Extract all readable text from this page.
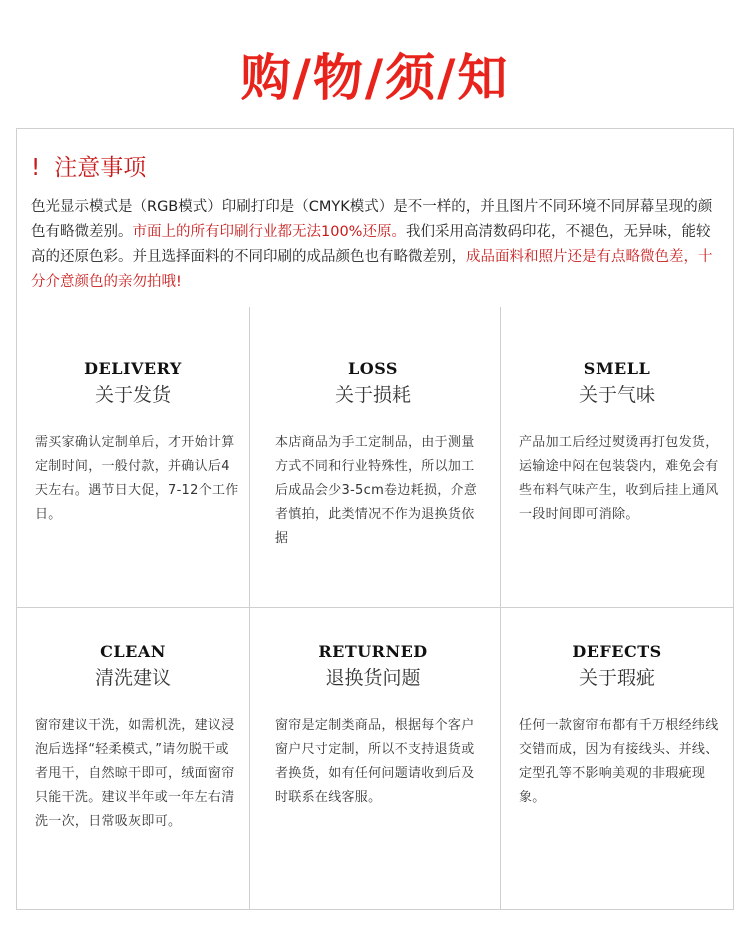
购/物/须/知
! 注意事项
色光显示模式是（RGB模式）印刷打印是（CMYK模式）是不一样的，并且图片不同环境不同屏幕呈现的颜色有略微差别。市面上的所有印刷行业都无法100%还原。我们采用高清数码印花，不褪色，无异味，能较高的还原色彩。并且选择面料的不同印刷的成品颜色也有略微差别，成品面料和照片还是有点略微色差，十分介意颜色的亲勿拍哦!
DELIVERY
关于发货
需买家确认定制单后，才开始计算定制时间，一般付款，并确认后4天左右。遇节日大促，7-12个工作日。
LOSS
关于损耗
本店商品为手工定制品，由于测量方式不同和行业特殊性，所以加工后成品会少3-5cm卷边耗损，介意者慎拍，此类情况不作为退换货依据
SMELL
关于气味
产品加工后经过熨烫再打包发货，运输途中闷在包装袋内，难免会有些布料气味产生，收到后挂上通风一段时间即可消除。
CLEAN
清洗建议
窗帘建议干洗，如需机洗，建议浸泡后选择“轻柔模式，”请勿脱干或者甩干，自然晾干即可，绒面窗帘只能干洗。建议半年或一年左右清洗一次，日常吸灰即可。
RETURNED
退换货问题
窗帘是定制类商品，根据每个客户窗户尺寸定制，所以不支持退货或者换货，如有任何问题请收到后及时联系在线客服。
DEFECTS
关于瑕疵
任何一款窗帘布都有千万根经纬线交错而成，因为有接线头、并线、定型孔等不影响美观的非瑕疵现象。
